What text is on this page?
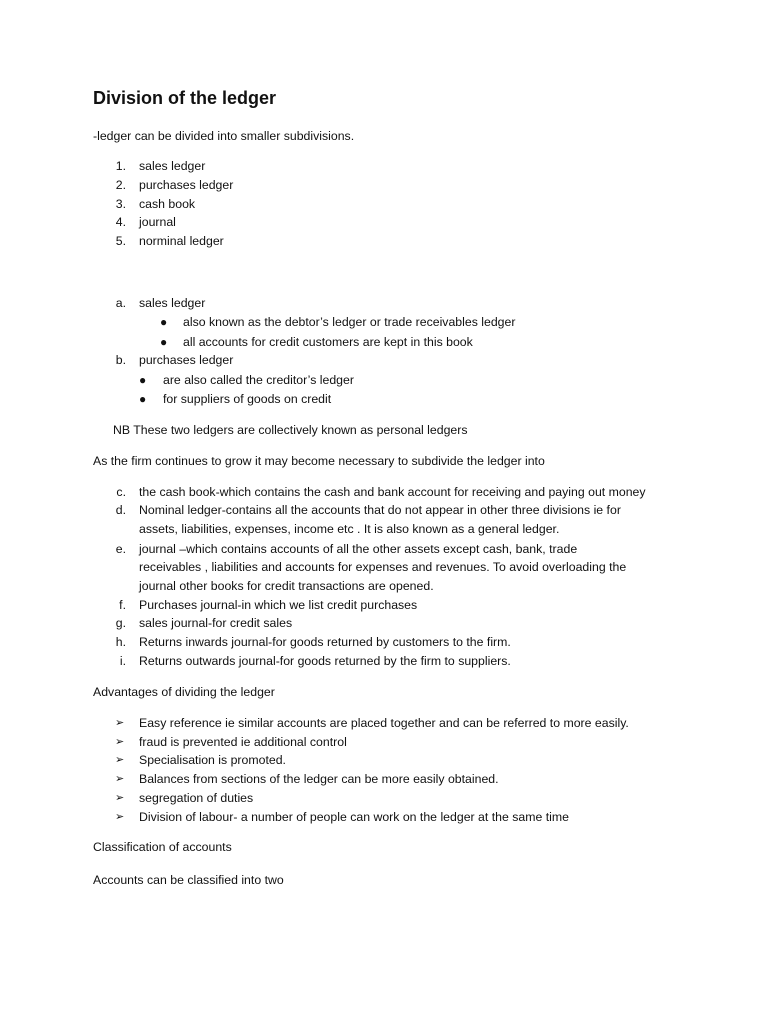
Division of the ledger
-ledger can be divided into smaller subdivisions.
1. sales ledger
2. purchases ledger
3. cash book
4. journal
5. norminal ledger
a. sales ledger
● also known as the debtor’s ledger or trade receivables ledger
● all accounts for credit customers are kept in this book
b. purchases ledger
● are also called the creditor’s ledger
● for suppliers of goods on credit
NB These two ledgers are collectively known as personal ledgers
As the firm continues to grow it may become necessary to subdivide the ledger into
c. the cash book-which contains the cash and bank account for receiving and paying out money
d. Nominal ledger-contains all the accounts that do not appear in other three divisions ie for
assets, liabilities, expenses, income etc . It is also known as a general ledger.
e. journal –which contains accounts of all the other assets except cash, bank, trade
receivables , liabilities and accounts for expenses and revenues. To avoid overloading the
journal other books for credit transactions are opened.
f. Purchases journal-in which we list credit purchases
g. sales journal-for credit sales
h. Returns inwards journal-for goods returned by customers to the firm.
i. Returns outwards journal-for goods returned by the firm to suppliers.
Advantages of dividing the ledger
➢ Easy reference ie similar accounts are placed together and can be referred to more easily.
➢ fraud is prevented ie additional control
➢ Specialisation is promoted.
➢ Balances from sections of the ledger can be more easily obtained.
➢ segregation of duties
➢ Division of labour- a number of people can work on the ledger at the same time
Classification of accounts
Accounts can be classified into two
